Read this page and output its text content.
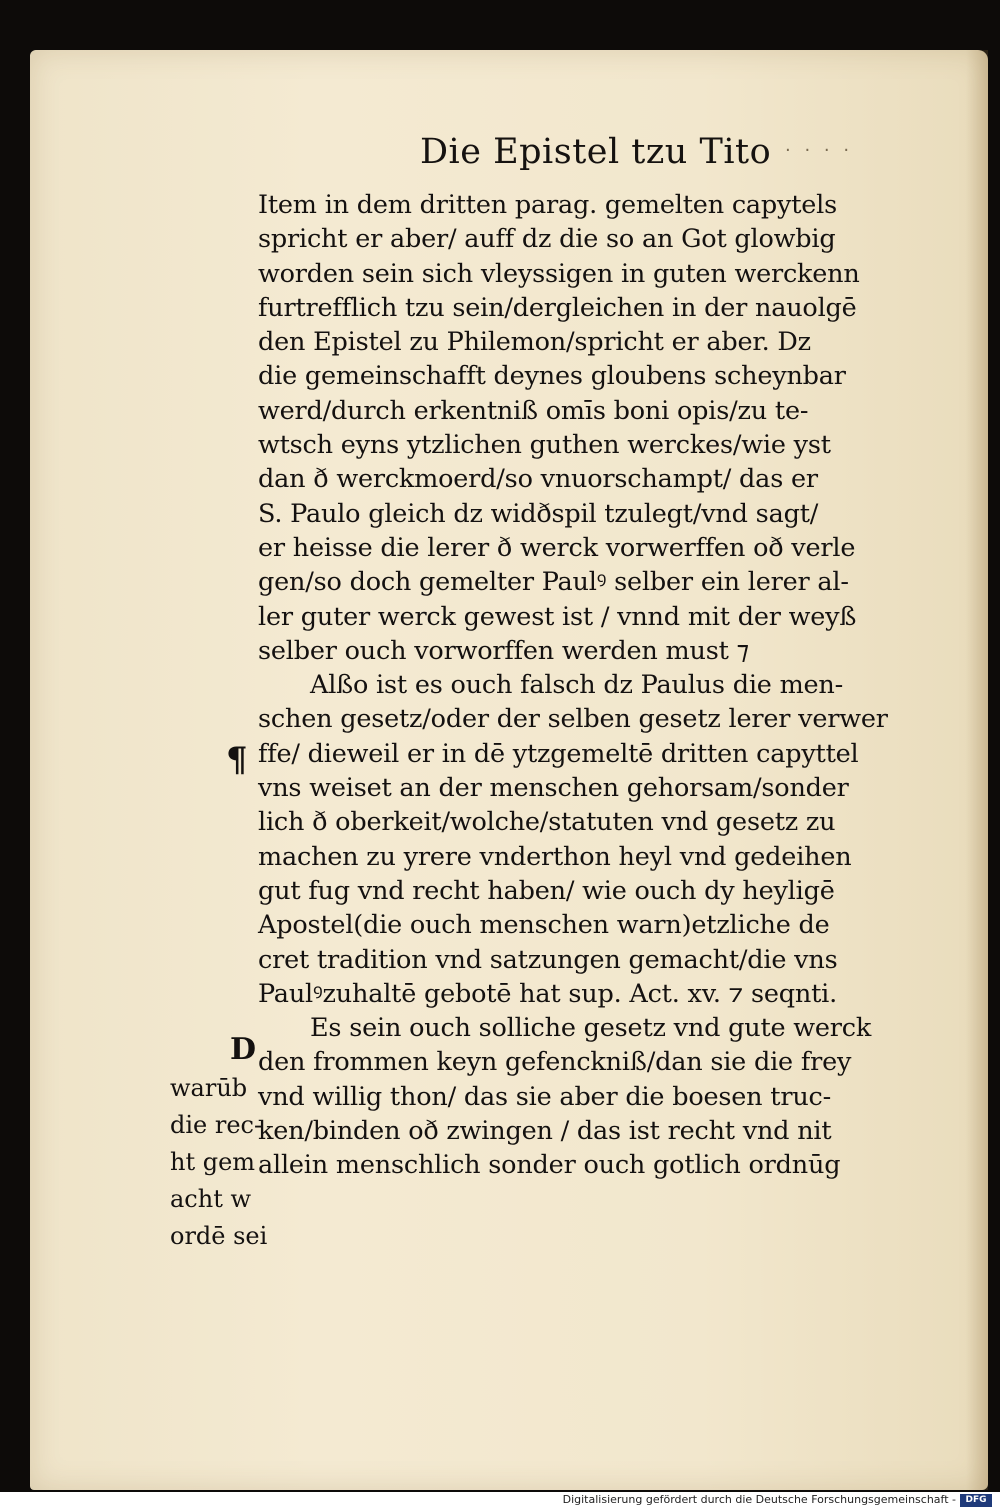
Die Epistel tzu Tito · · · ·
Item in dem dritten parag. gemelten capytels
spricht er aber/ auff dz die so an Got glowbig
worden sein sich vleyssigen in guten werckenn
furtrefflich tzu sein/dergleichen in der nauolgē
den Epistel zu Philemon/spricht er aber. Dz
die gemeinschafft deynes gloubens scheynbar
werd/durch erkentniß omīs boni opis/zu te-
wtsch eyns ytzlichen guthen werckes/wie yst
dan ð werckmoerd/so vnuorschampt/ das er
S. Paulo gleich dz widðspil tzulegt/vnd sagt/
er heisse die lerer ð werck vorwerffen oð verle
gen/so doch gemelter Paulꝰ selber ein lerer al-
ler guter werck gewest ist / vnnd mit der weyß
selber ouch vorworffen werden must ⁊
Alßo ist es ouch falsch dz Paulus die men-
schen gesetz/oder der selben gesetz lerer verwer
ffe/ dieweil er in dē ytzgemeltē dritten capyttel
vns weiset an der menschen gehorsam/sonder
lich ð oberkeit/wolche/statuten vnd gesetz zu
machen zu yrere vnderthon heyl vnd gedeihen
gut fug vnd recht haben/ wie ouch dy heyligē
Apostel(die ouch menschen warn)etzliche de
cret tradition vnd satzungen gemacht/die vns
Paulꝰzuhaltē gebotē hat sup. Act. xv. ⁊ seqnti.
Es sein ouch solliche gesetz vnd gute werck
den frommen keyn gefenckniß/dan sie die frey
vnd willig thon/ das sie aber die boesen truc-
ken/binden oð zwingen / das ist recht vnd nit
allein menschlich sonder ouch gotlich ordnūg
¶
D
warūb
die rec-
ht gem
acht w
ordē sei
Digitalisierung gefördert durch die Deutsche Forschungsgemeinschaft -	DFG
